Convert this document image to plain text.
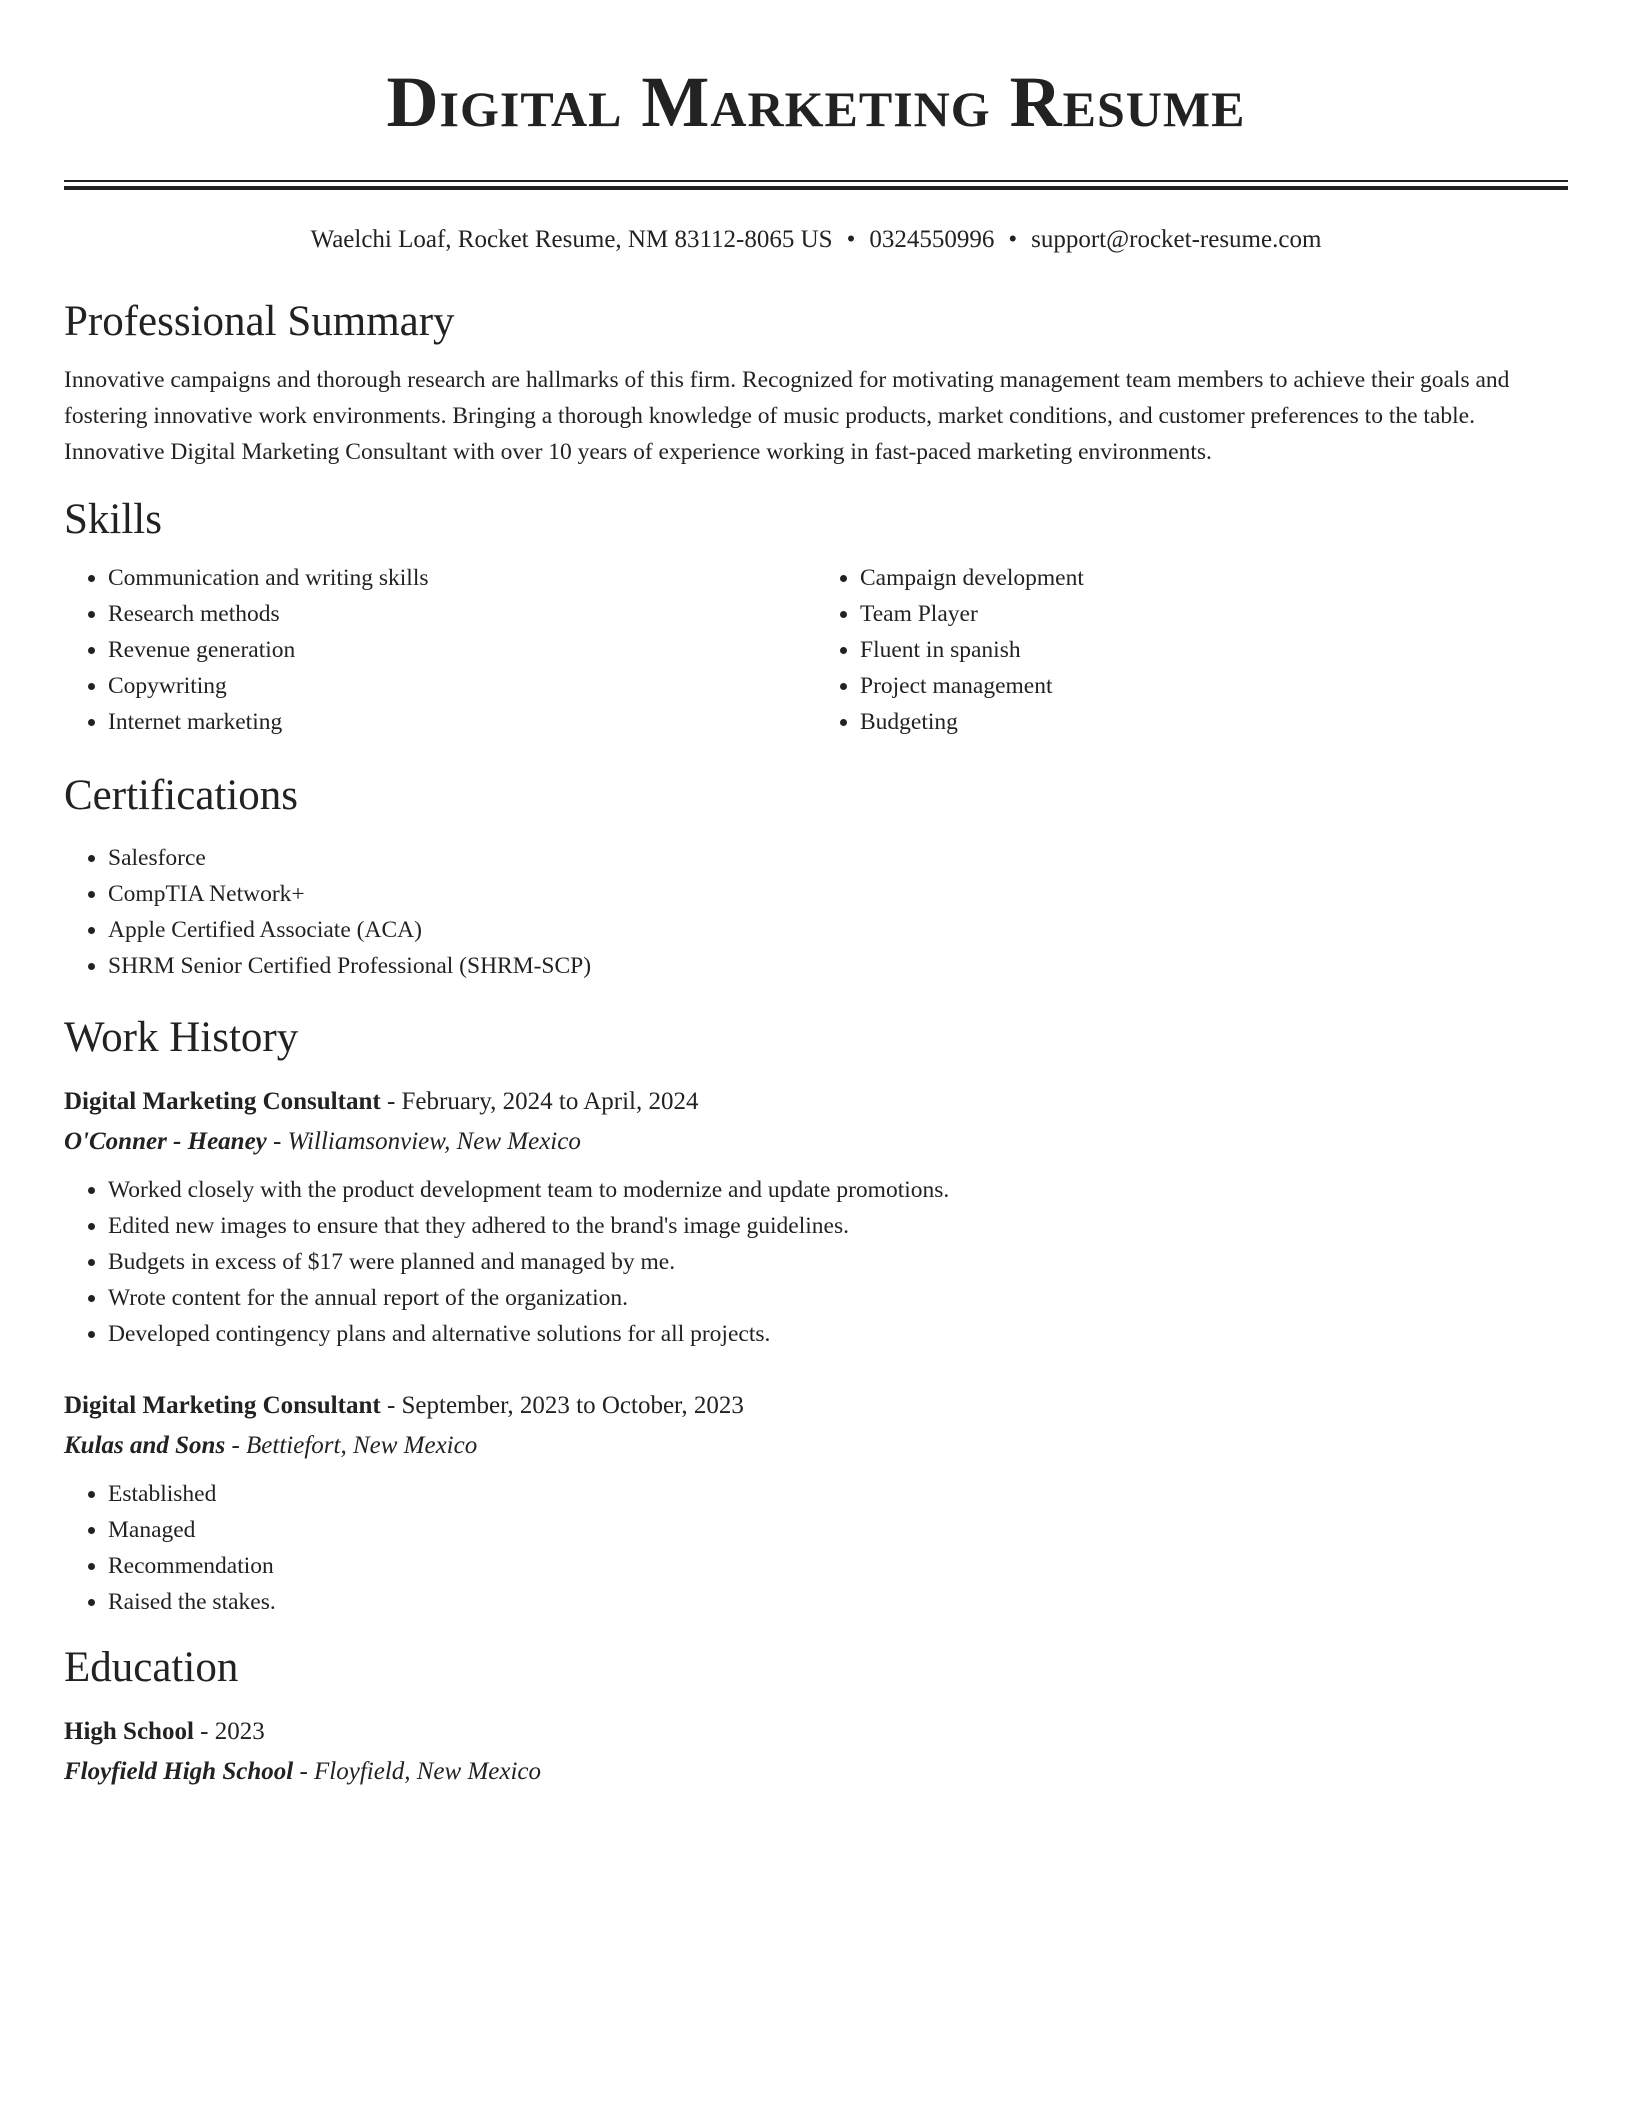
Digital Marketing Resume
Waelchi Loaf, Rocket Resume, NM 83112-8065 US • 0324550996 • support@rocket-resume.com
Professional Summary

Innovative campaigns and thorough research are hallmarks of this firm. Recognized for motivating management team members to achieve their goals and fostering innovative work environments. Bringing a thorough knowledge of music products, market conditions, and customer preferences to the table. Innovative Digital Marketing Consultant with over 10 years of experience working in fast-paced marketing environments.

Skills
• Communication and writing skills
• Research methods
• Revenue generation
• Copywriting
• Internet marketing
• Campaign development
• Team Player
• Fluent in spanish
• Project management
• Budgeting
Certifications
• Salesforce
• CompTIA Network+
• Apple Certified Associate (ACA)
• SHRM Senior Certified Professional (SHRM-SCP)
Work History
Digital Marketing Consultant - February, 2024 to April, 2024
O'Conner - Heaney - Williamsonview, New Mexico
• Worked closely with the product development team to modernize and update promotions.
• Edited new images to ensure that they adhered to the brand's image guidelines.
• Budgets in excess of $17 were planned and managed by me.
• Wrote content for the annual report of the organization.
• Developed contingency plans and alternative solutions for all projects.
Digital Marketing Consultant - September, 2023 to October, 2023
Kulas and Sons - Bettiefort, New Mexico
• Established
• Managed
• Recommendation
• Raised the stakes.
Education
High School - 2023
Floyfield High School - Floyfield, New Mexico
